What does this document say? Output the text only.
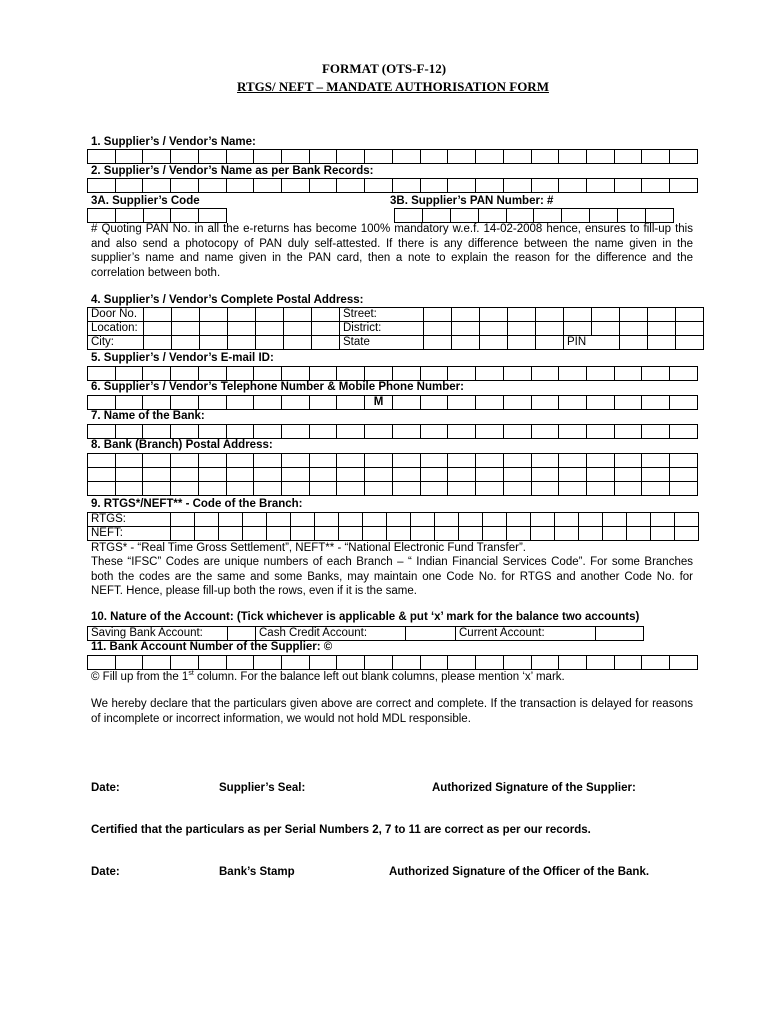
FORMAT (OTS-F-12)
RTGS/ NEFT – MANDATE AUTHORISATION FORM
1. Supplier’s / Vendor’s Name:

2. Supplier’s / Vendor’s Name as per Bank Records:

3A. Supplier’s Code	3B. Supplier’s PAN Number: #

# Quoting PAN No. in all the e-returns has become 100% mandatory w.e.f. 14-02-2008 hence, ensures to fill-up this and also send a photocopy of PAN duly self-attested. If there is any difference between the name given in the supplier’s name and name given in the PAN card, then a note to explain the reason for the difference and the correlation between both.
4. Supplier’s / Vendor’s Complete Postal Address:
Door No.								Street:										
Location:								District:										
City:								State						PIN				
5. Supplier’s / Vendor’s E-mail ID:

6. Supplier’s / Vendor’s Telephone Number & Mobile Phone Number:
										M											
7. Name of the Bank:

8. Bank (Branch) Postal Address:

9. RTGS*/NEFT** - Code of the Branch:
RTGS:																						
NEFT:																						
RTGS* - “Real Time Gross Settlement”, NEFT** - “National Electronic Fund Transfer”.
These “IFSC” Codes are unique numbers of each Branch – “ Indian Financial Services Code”. For some Branches both the codes are the same and some Banks, may maintain one Code No. for RTGS and another Code No. for NEFT. Hence, please fill-up both the rows, even if it is the same.
10. Nature of the Account: (Tick whichever is applicable & put ‘x’ mark for the balance two accounts)
Saving Bank Account:		Cash Credit Account:		Current Account:	
11. Bank Account Number of the Supplier: ©

© Fill up from the 1st column. For the balance left out blank columns, please mention ‘x’ mark.
We hereby declare that the particulars given above are correct and complete. If the transaction is delayed for reasons of incomplete or incorrect information, we would not hold MDL responsible.
Date:	Supplier’s Seal:	Authorized Signature of the Supplier:
Certified that the particulars as per Serial Numbers 2, 7 to 11 are correct as per our records.
Date:	Bank’s Stamp	Authorized Signature of the Officer of the Bank.
